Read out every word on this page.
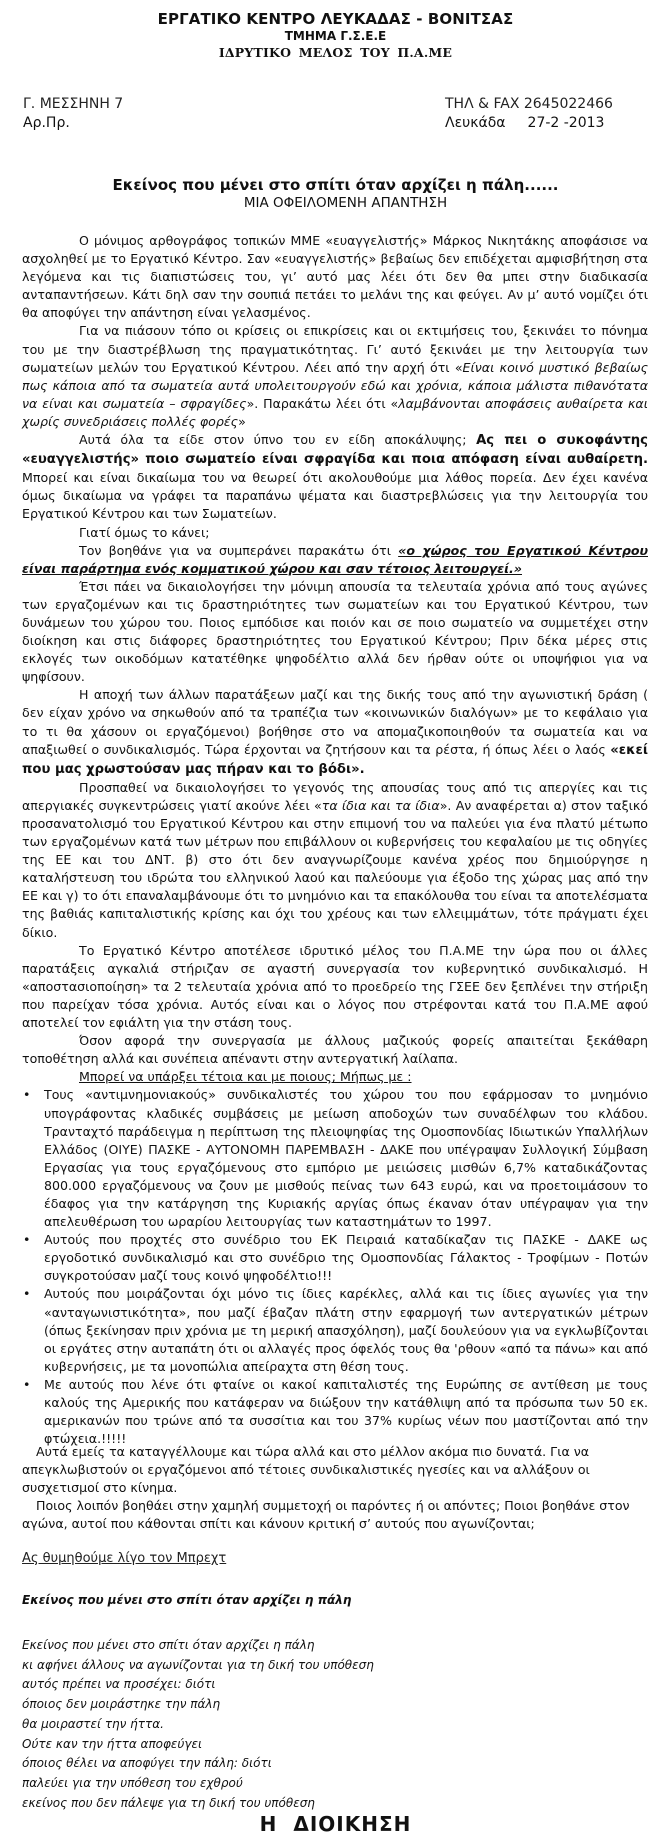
ΕΡΓΑΤΙΚΟ ΚΕΝΤΡΟ ΛΕΥΚΑΔΑΣ - ΒΟΝΙΤΣΑΣ
ΤΜΗΜΑ Γ.Σ.Ε.Ε
ΙΔΡΥΤΙΚΟ ΜΕΛΟΣ ΤΟΥ Π.Α.ΜΕ
Γ. ΜΕΣΣΗΝΗ 7
Αρ.Πρ.
ΤΗΛ & FAX 2645022466
Λευκάδα 27-2 -2013
Εκείνος που μένει στο σπίτι όταν αρχίζει η πάλη......
ΜΙΑ ΟΦΕΙΛΟΜΕΝΗ ΑΠΑΝΤΗΣΗ

Ο μόνιμος αρθογράφος τοπικών ΜΜΕ «ευαγγελιστής» Μάρκος Νικητάκης αποφάσισε να ασχοληθεί με το Εργατικό Κέντρο. Σαν «ευαγγελιστής» βεβαίως δεν επιδέχεται αμφισβήτηση στα λεγόμενα και τις διαπιστώσεις του, γι’ αυτό μας λέει ότι δεν θα μπει στην διαδικασία ανταπαντήσεων. Κάτι δηλ σαν την σουπιά πετάει το μελάνι της και φεύγει. Αν μ’ αυτό νομίζει ότι θα αποφύγει την απάντηση είναι γελασμένος.

Για να πιάσουν τόπο οι κρίσεις οι επικρίσεις και οι εκτιμήσεις του, ξεκινάει το πόνημα του με την διαστρέβλωση της πραγματικότητας. Γι’ αυτό ξεκινάει με την λειτουργία των σωματείων μελών του Εργατικού Κέντρου. Λέει από την αρχή ότι «Είναι κοινό μυστικό βεβαίως πως κάποια από τα σωματεία αυτά υπολειτουργούν εδώ και χρόνια, κάποια μάλιστα πιθανότατα να είναι και σωματεία – σφραγίδες». Παρακάτω λέει ότι «λαμβάνονται αποφάσεις αυθαίρετα και χωρίς συνεδριάσεις πολλές φορές»

Αυτά όλα τα είδε στον ύπνο του εν είδη αποκάλυψης; Ας πει ο συκοφάντης «ευαγγελιστής» ποιο σωματείο είναι σφραγίδα και ποια απόφαση είναι αυθαίρετη. Μπορεί και είναι δικαίωμα του να θεωρεί ότι ακολουθούμε μια λάθος πορεία. Δεν έχει κανένα όμως δικαίωμα να γράφει τα παραπάνω ψέματα και διαστρεβλώσεις για την λειτουργία του Εργατικού Κέντρου και των Σωματείων.

Γιατί όμως το κάνει;

Τον βοηθάνε για να συμπεράνει παρακάτω ότι «ο χώρος του Εργατικού Κέντρου είναι παράρτημα ενός κομματικού χώρου και σαν τέτοιος λειτουργεί.»

Έτσι πάει να δικαιολογήσει την μόνιμη απουσία τα τελευταία χρόνια από τους αγώνες των εργαζομένων και τις δραστηριότητες των σωματείων και του Εργατικού Κέντρου, των δυνάμεων του χώρου του. Ποιος εμπόδισε και ποιόν και σε ποιο σωματείο να συμμετέχει στην διοίκηση και στις διάφορες δραστηριότητες του Εργατικού Κέντρου; Πριν δέκα μέρες στις εκλογές των οικοδόμων κατατέθηκε ψηφοδέλτιο αλλά δεν ήρθαν ούτε οι υποψήφιοι για να ψηφίσουν.

Η αποχή των άλλων παρατάξεων μαζί και της δικής τους από την αγωνιστική δράση ( δεν είχαν χρόνο να σηκωθούν από τα τραπέζια των «κοινωνικών διαλόγων» με το κεφάλαιο για το τι θα χάσουν οι εργαζόμενοι) βοήθησε στο να απομαζικοποιηθούν τα σωματεία και να απαξιωθεί ο συνδικαλισμός. Τώρα έρχονται να ζητήσουν και τα ρέστα, ή όπως λέει ο λαός «εκεί που μας χρωστούσαν μας πήραν και το βόδι».

Προσπαθεί να δικαιολογήσει το γεγονός της απουσίας τους από τις απεργίες και τις απεργιακές συγκεντρώσεις γιατί ακούνε λέει «τα ίδια και τα ίδια». Αν αναφέρεται α) στον ταξικό προσανατολισμό του Εργατικού Κέντρου και στην επιμονή του να παλεύει για ένα πλατύ μέτωπο των εργαζομένων κατά των μέτρων που επιβάλλουν οι κυβερνήσεις του κεφαλαίου με τις οδηγίες της ΕΕ και του ΔΝΤ. β) στο ότι δεν αναγνωρίζουμε κανένα χρέος που δημιούργησε η καταλήστευση του ιδρώτα του ελληνικού λαού και παλεύουμε για έξοδο της χώρας μας από την ΕΕ και γ) το ότι επαναλαμβάνουμε ότι το μνημόνιο και τα επακόλουθα του είναι τα αποτελέσματα της βαθιάς καπιταλιστικής κρίσης και όχι του χρέους και των ελλειμμάτων, τότε πράγματι έχει δίκιο.

Το Εργατικό Κέντρο αποτέλεσε ιδρυτικό μέλος του Π.Α.ΜΕ την ώρα που οι άλλες παρατάξεις αγκαλιά στήριζαν σε αγαστή συνεργασία τον κυβερνητικό συνδικαλισμό. Η «αποστασιοποίηση» τα 2 τελευταία χρόνια από το προεδρείο της ΓΣΕΕ δεν ξεπλένει την στήριξη που παρείχαν τόσα χρόνια. Αυτός είναι και ο λόγος που στρέφονται κατά του Π.Α.ΜΕ αφού αποτελεί τον εφιάλτη για την στάση τους.

Όσον αφορά την συνεργασία με άλλους μαζικούς φορείς απαιτείται ξεκάθαρη τοποθέτηση αλλά και συνέπεια απέναντι στην αντεργατική λαίλαπα.

Μπορεί να υπάρξει τέτοια και με ποιους; Μήπως με :

• Τους «αντιμνημονιακούς» συνδικαλιστές του χώρου του που εφάρμοσαν το μνημόνιο υπογράφοντας κλαδικές συμβάσεις με μείωση αποδοχών των συναδέλφων του κλάδου. Τρανταχτό παράδειγμα η περίπτωση της πλειοψηφίας της Ομοσπονδίας Ιδιωτικών Υπαλλήλων Ελλάδος (ΟΙΥΕ) ΠΑΣΚΕ - ΑΥΤΟΝΟΜΗ ΠΑΡΕΜΒΑΣΗ - ΔΑΚΕ που υπέγραψαν Συλλογική Σύμβαση Εργασίας για τους εργαζόμενους στο εμπόριο με μειώσεις μισθών 6,7% καταδικάζοντας 800.000 εργαζόμενους να ζουν με μισθούς πείνας των 643 ευρώ, και να προετοιμάσουν το έδαφος για την κατάργηση της Κυριακής αργίας όπως έκαναν όταν υπέγραψαν για την απελευθέρωση του ωραρίου λειτουργίας των καταστημάτων το 1997.
• Αυτούς που προχτές στο συνέδριο του ΕΚ Πειραιά καταδίκαζαν τις ΠΑΣΚΕ - ΔΑΚΕ ως εργοδοτικό συνδικαλισμό και στο συνέδριο της Ομοσπονδίας Γάλακτος - Τροφίμων - Ποτών συγκροτούσαν μαζί τους κοινό ψηφοδέλτιο!!!
• Αυτούς που μοιράζονται όχι μόνο τις ίδιες καρέκλες, αλλά και τις ίδιες αγωνίες για την «ανταγωνιστικότητα», που μαζί έβαζαν πλάτη στην εφαρμογή των αντεργατικών μέτρων (όπως ξεκίνησαν πριν χρόνια με τη μερική απασχόληση), μαζί δουλεύουν για να εγκλωβίζονται οι εργάτες στην αυταπάτη ότι οι αλλαγές προς όφελός τους θα 'ρθουν «από τα πάνω» και από κυβερνήσεις, με τα μονοπώλια απείραχτα στη θέση τους.
• Με αυτούς που λένε ότι φταίνε οι κακοί καπιταλιστές της Ευρώπης σε αντίθεση με τους καλούς της Αμερικής που κατάφεραν να διώξουν την κατάθλιψη από τα πρόσωπα των 50 εκ. αμερικανών που τρώνε από τα συσσίτια και του 37% κυρίως νέων που μαστίζονται από την φτώχεια.!!!!!

Αυτά εμείς τα καταγγέλλουμε και τώρα αλλά και στο μέλλον ακόμα πιο δυνατά. Για να απεγκλωβιστούν οι εργαζόμενοι από τέτοιες συνδικαλιστικές ηγεσίες και να αλλάξουν οι συσχετισμοί στο κίνημα.

Ποιος λοιπόν βοηθάει στην χαμηλή συμμετοχή οι παρόντες ή οι απόντες; Ποιοι βοηθάνε στον αγώνα, αυτοί που κάθονται σπίτι και κάνουν κριτική σ’ αυτούς που αγωνίζονται;

Ας θυμηθούμε λίγο τον Μπρεχτ
Εκείνος που μένει στο σπίτι όταν αρχίζει η πάλη
Εκείνος που μένει στο σπίτι όταν αρχίζει η πάλη
κι αφήνει άλλους να αγωνίζονται για τη δική του υπόθεση
αυτός πρέπει να προσέχει: διότι
όποιος δεν μοιράστηκε την πάλη
θα μοιραστεί την ήττα.
Ούτε καν την ήττα αποφεύγει
όποιος θέλει να αποφύγει την πάλη: διότι
παλεύει για την υπόθεση του εχθρού
εκείνος που δεν πάλεψε για τη δική του υπόθεση
Η ΔΙΟΙΚΗΣΗ
